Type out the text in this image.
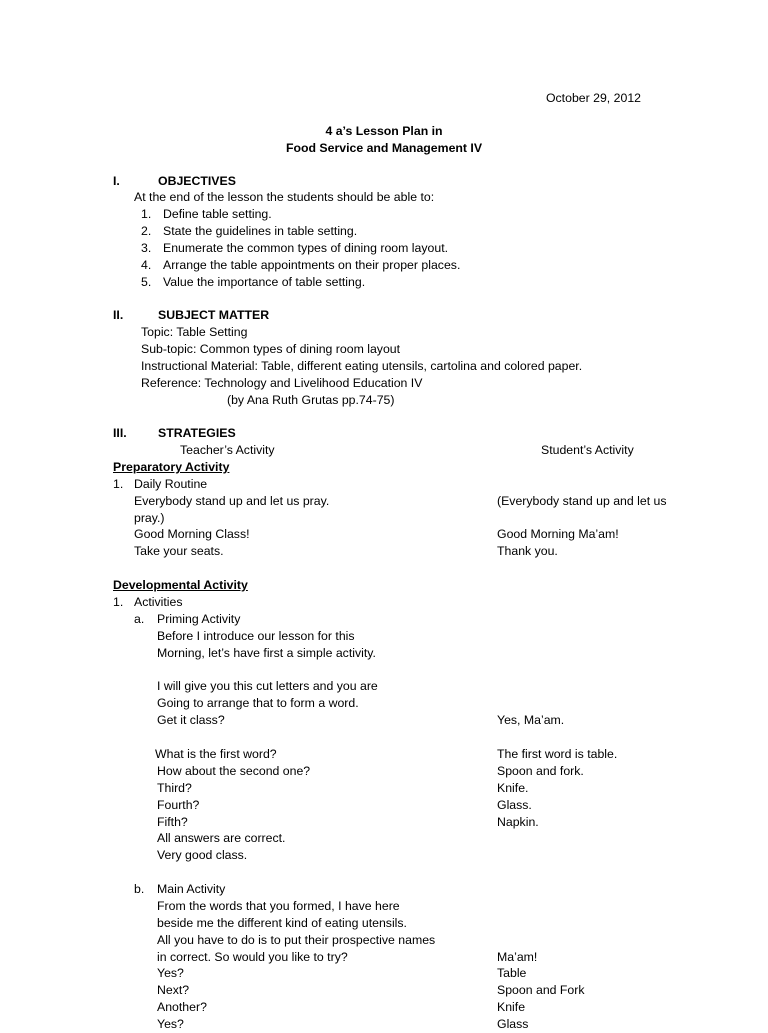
October 29, 2012
4 a’s Lesson Plan in
Food Service and Management IV
I.	OBJECTIVES
At the end of the lesson the students should be able to:
1. Define table setting.
2. State the guidelines in table setting.
3. Enumerate the common types of dining room layout.
4. Arrange the table appointments on their proper places.
5. Value the importance of table setting.
II.	SUBJECT MATTER
Topic: Table Setting
Sub-topic: Common types of dining room layout
Instructional Material: Table, different eating utensils, cartolina and colored paper.
Reference: Technology and Livelihood Education IV
(by Ana Ruth Grutas pp.74-75)
III.	STRATEGIES
Teacher’s Activity	Student’s Activity
Preparatory Activity
1. Daily Routine
Everybody stand up and let us pray.	(Everybody stand up and let us
pray.)
Good Morning Class!	Good Morning Ma’am!
Take your seats.	Thank you.
Developmental Activity
1. Activities
a. Priming Activity
Before I introduce our lesson for this
Morning, let’s have first a simple activity.
I will give you this cut letters and you are
Going to arrange that to form a word.
Get it class?	Yes, Ma’am.
What is the first word?	The first word is table.
How about the second one?	Spoon and fork.
Third?	Knife.
Fourth?	Glass.
Fifth?	Napkin.
All answers are correct.
Very good class.
b. Main Activity
From the words that you formed, I have here
beside me the different kind of eating utensils.
All you have to do is to put their prospective names
in correct. So would you like to try?	Ma’am!
Yes?	Table
Next?	Spoon and Fork
Another?	Knife
Yes?	Glass
